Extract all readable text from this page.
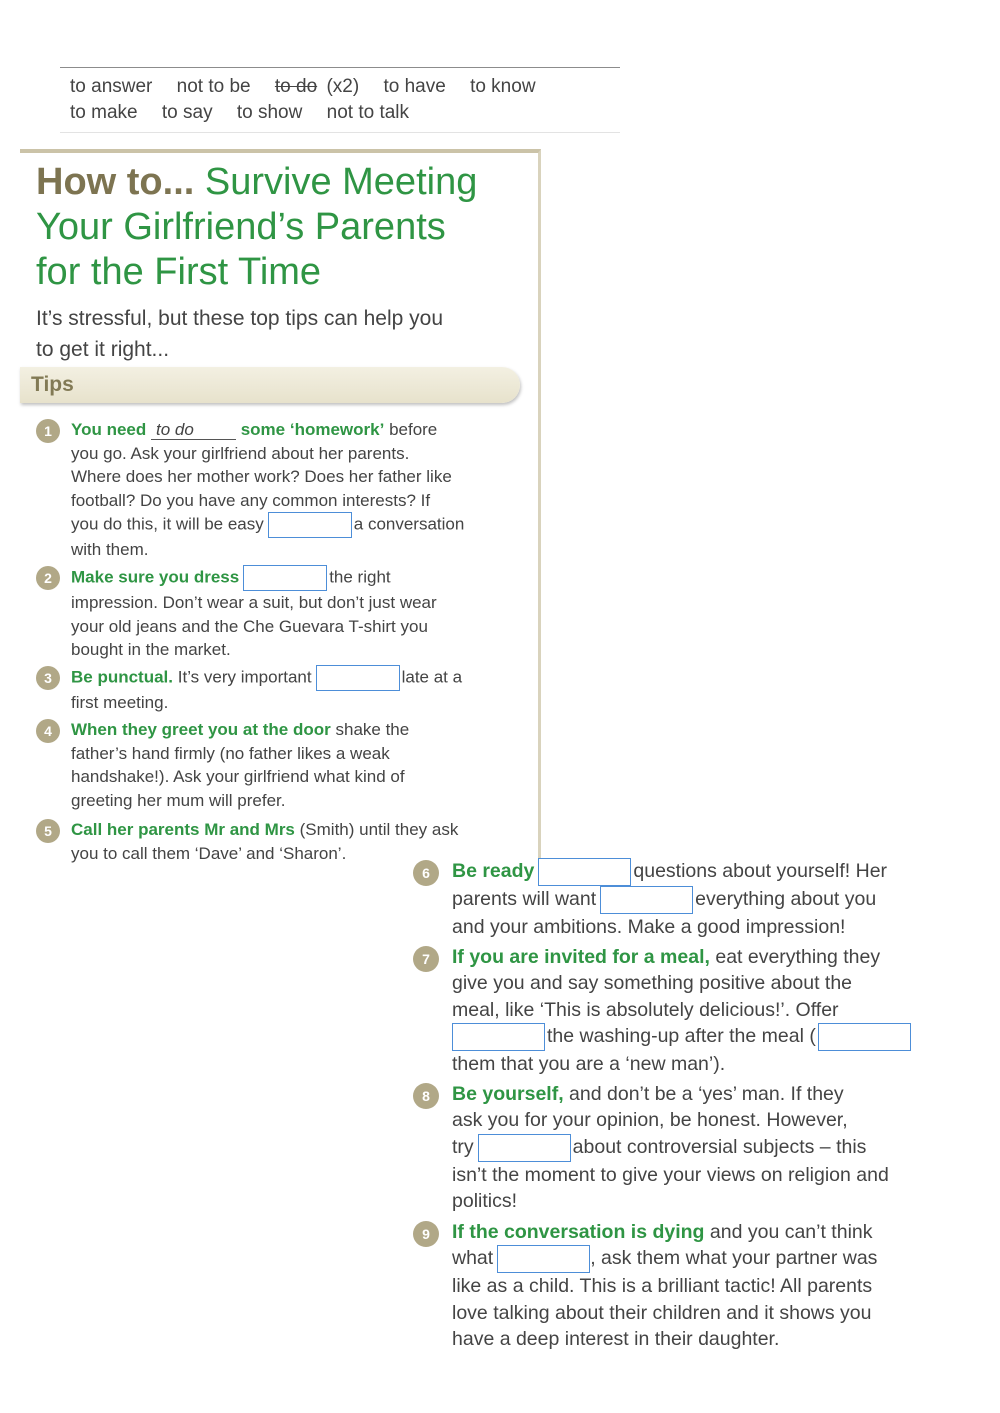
to answer not to be to do (x2) to have to know
to make to say to show not to talk
How to... Survive Meeting
Your Girlfriend’s Parents
for the First Time
It’s stressful, but these top tips can help you
to get it right...
Tips
1	You need to do	some ‘homework’ before
you go. Ask your girlfriend about her parents.
Where does her mother work? Does her father like
football? Do you have any common interests? If
you do this, it will be easy	a conversation
with them.
2	Make sure you dress	the right
impression. Don’t wear a suit, but don’t just wear
your old jeans and the Che Guevara T-shirt you
bought in the market.
3	Be punctual. It’s very important	late at a
first meeting.
4	When they greet you at the door shake the
father’s hand firmly (no father likes a weak
handshake!). Ask your girlfriend what kind of
greeting her mum will prefer.
5	Call her parents Mr and Mrs (Smith) until they ask
you to call them ‘Dave’ and ‘Sharon’.
6	Be ready	questions about yourself! Her
parents will want	everything about you
and your ambitions. Make a good impression!
7	If you are invited for a meal, eat everything they
give you and say something positive about the
meal, like ‘This is absolutely delicious!’. Offer
the washing-up after the meal (
them that you are a ‘new man’).
8	Be yourself, and don’t be a ‘yes’ man. If they
ask you for your opinion, be honest. However,
try	about controversial subjects – this
isn’t the moment to give your views on religion and
politics!
9	If the conversation is dying and you can’t think
what	, ask them what your partner was
like as a child. This is a brilliant tactic! All parents
love talking about their children and it shows you
have a deep interest in their daughter.
